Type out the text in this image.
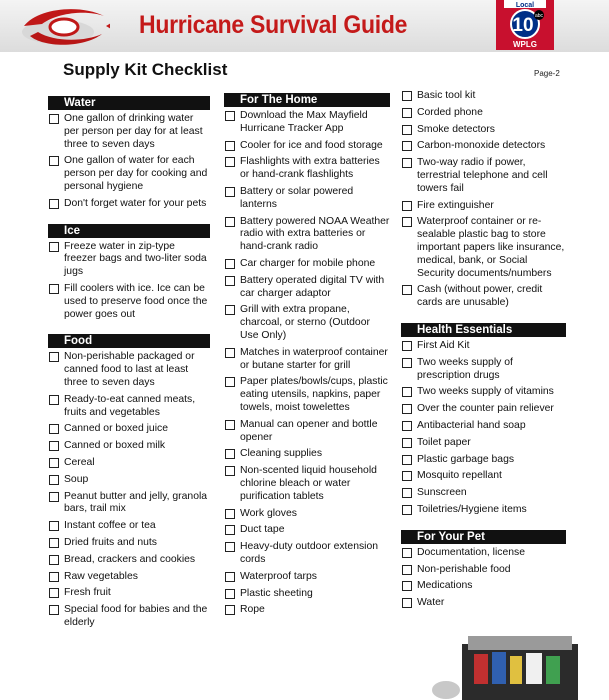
Hurricane Survival Guide
Local
10 abc
WPLG
Supply Kit Checklist	Page-2
Water
One gallon of drinking water per person per day for at least three to seven days
One gallon of water for each person per day for cooking and personal hygiene
Don't forget water for your pets
Ice
Freeze water in zip-type freezer bags and two-liter soda jugs
Fill coolers with ice. Ice can be used to preserve food once the power goes out
Food
Non-perishable packaged or canned food to last at least three to seven days
Ready-to-eat canned meats, fruits and vegetables
Canned or boxed juice
Canned or boxed milk
Cereal
Soup
Peanut butter and jelly, granola bars, trail mix
Instant coffee or tea
Dried fruits and nuts
Bread, crackers and cookies
Raw vegetables
Fresh fruit
Special food for babies and the elderly
For The Home
Download the Max Mayfield Hurricane Tracker App
Cooler for ice and food storage
Flashlights with extra batteries or hand-crank flashlights
Battery or solar powered lanterns
Battery powered NOAA Weather radio with extra batteries or hand-crank radio
Car charger for mobile phone
Battery operated digital TV with car charger adaptor
Grill with extra propane, charcoal, or sterno (Outdoor Use Only)
Matches in waterproof container or butane starter for grill
Paper plates/bowls/cups, plastic eating utensils, napkins, paper towels, moist towelettes
Manual can opener and bottle opener
Cleaning supplies
Non-scented liquid household chlorine bleach or water purification tablets
Work gloves
Duct tape
Heavy-duty outdoor extension cords
Waterproof tarps
Plastic sheeting
Rope
Basic tool kit
Corded phone
Smoke detectors
Carbon-monoxide detectors
Two-way radio if power, terrestrial telephone and cell towers fail
Fire extinguisher
Waterproof container or re-sealable plastic bag to store important papers like insurance, medical, bank, or Social Security documents/numbers
Cash (without power, credit cards are unusable)
Health Essentials
First Aid Kit
Two weeks supply of prescription drugs
Two weeks supply of vitamins
Over the counter pain reliever
Antibacterial hand soap
Toilet paper
Plastic garbage bags
Mosquito repellant
Sunscreen
Toiletries/Hygiene items
For Your Pet
Documentation, license
Non-perishable food
Medications
Water
